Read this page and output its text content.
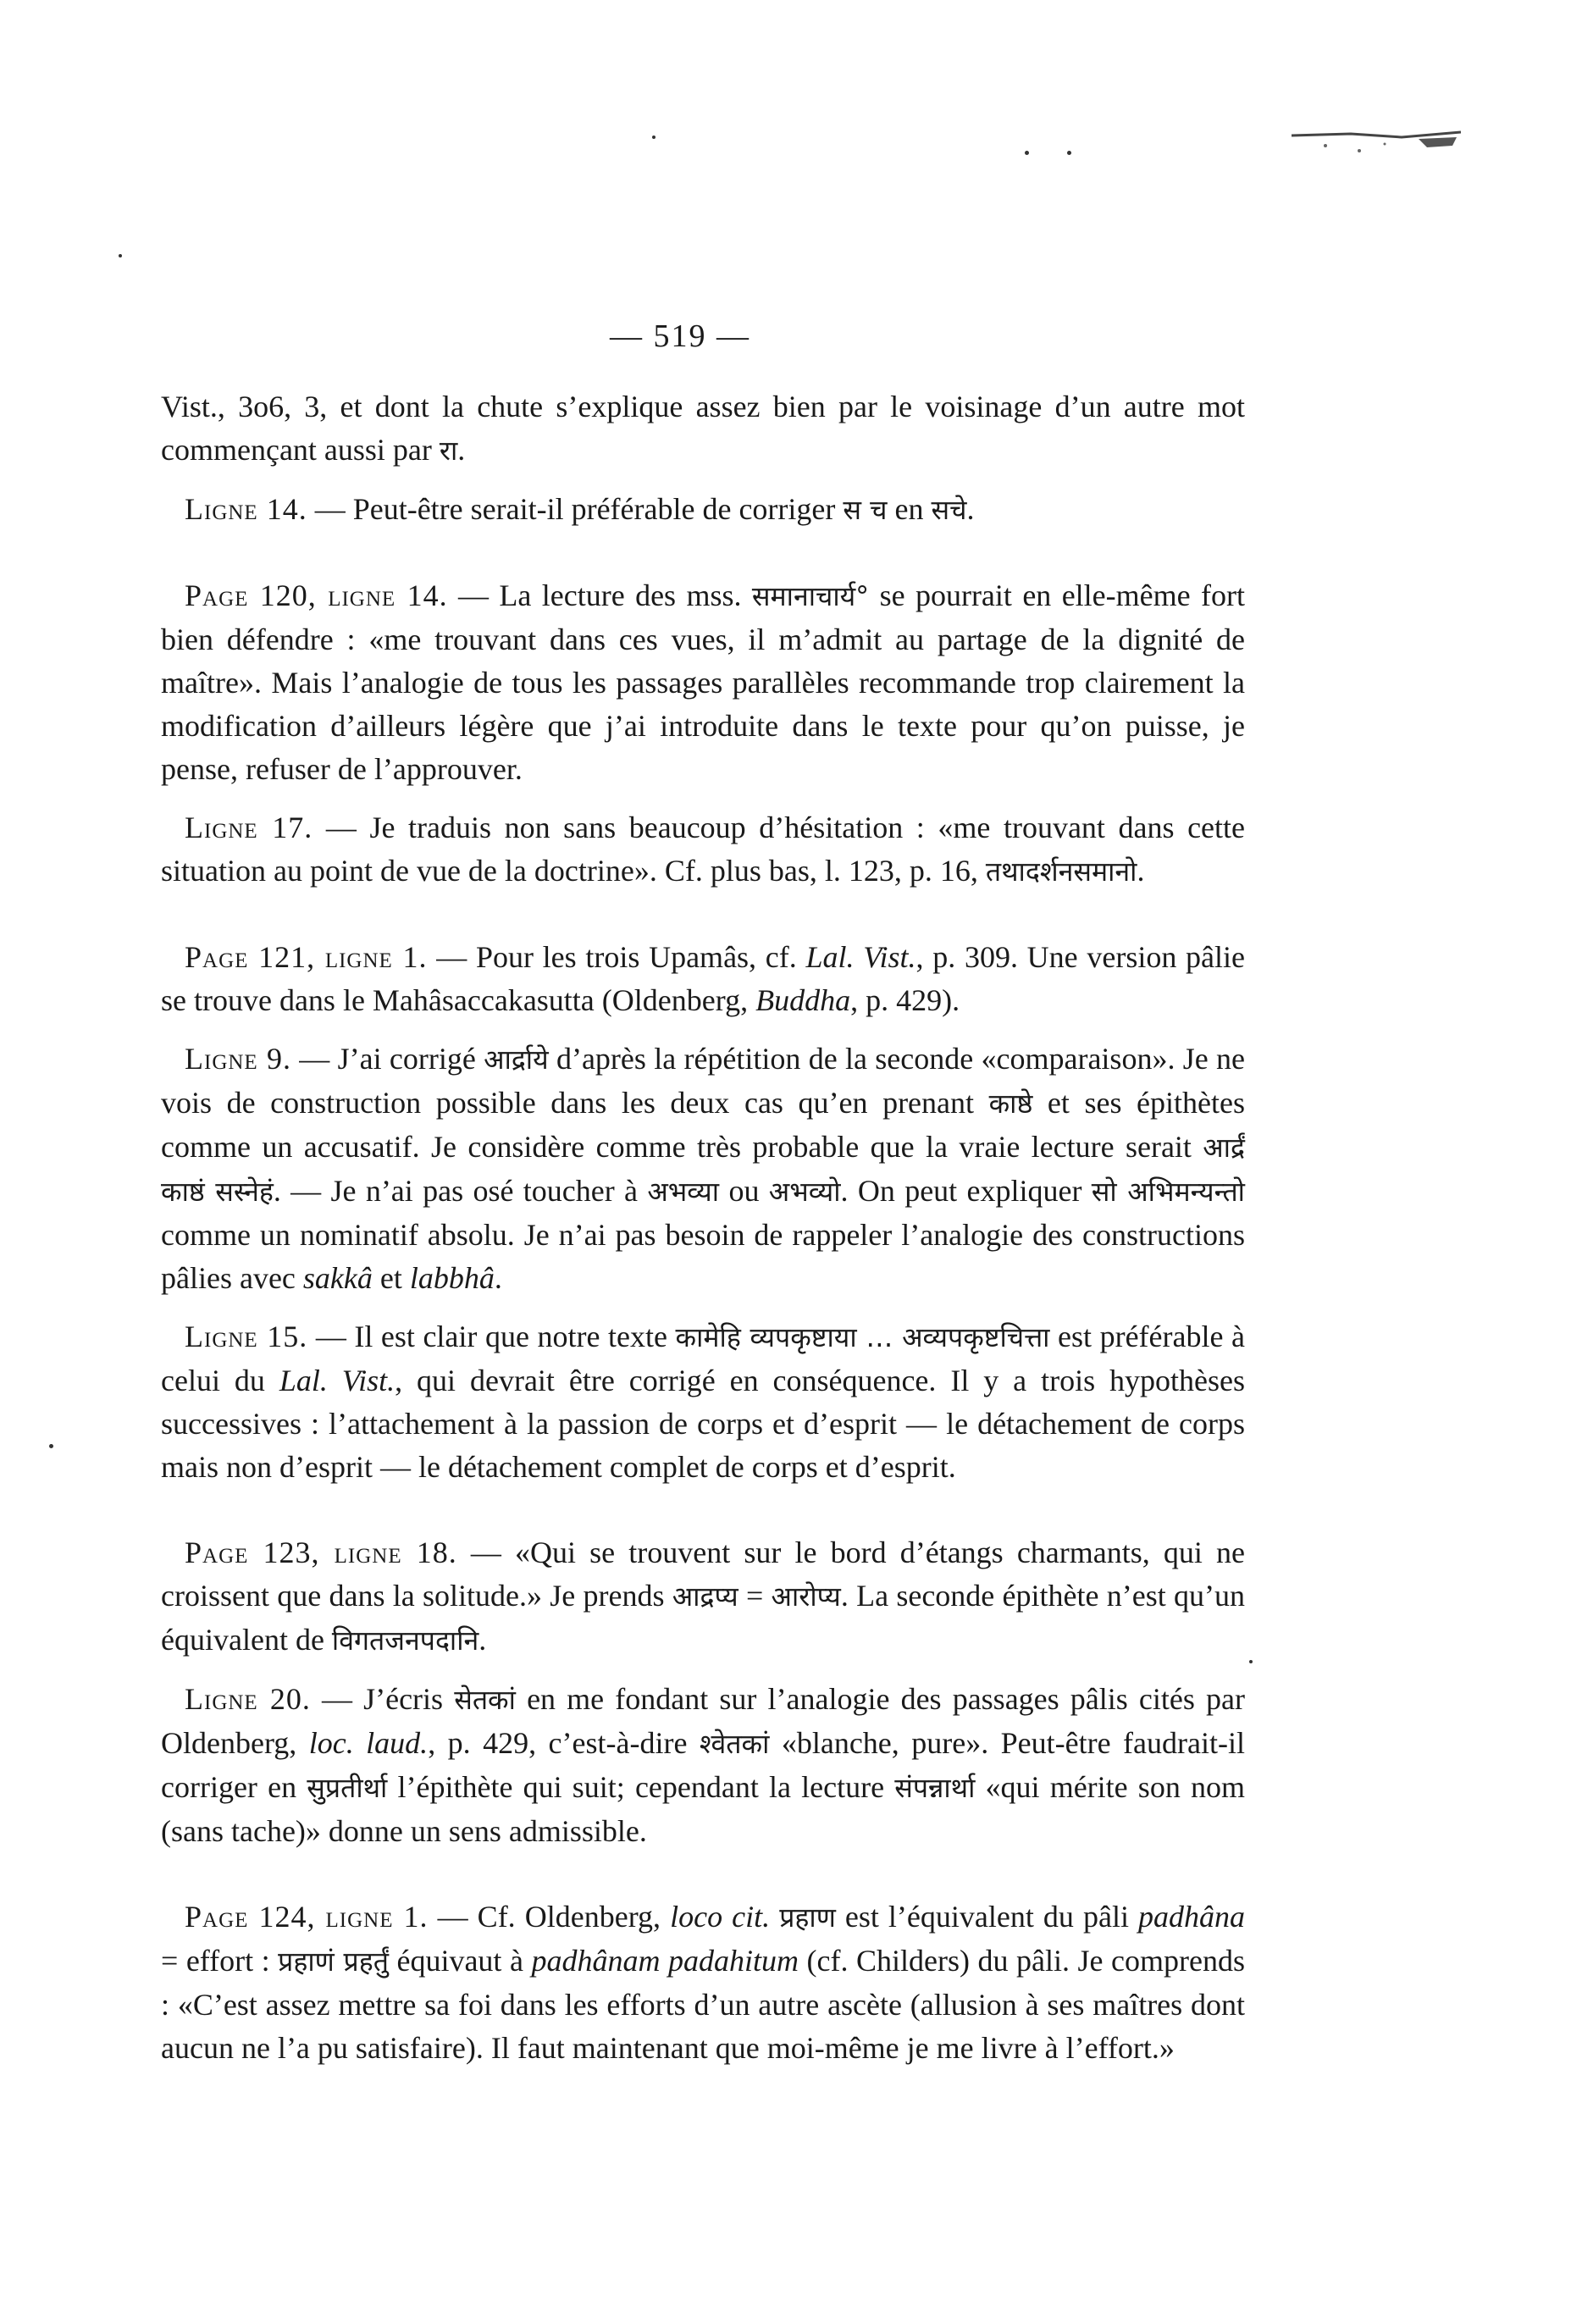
— 519 —

Vist., 3o6, 3, et dont la chute s’explique assez bien par le voisinage d’un autre mot commençant aussi par रा.

Ligne 14. — Peut-être serait-il préférable de corriger स च en सचे.

Page 120, ligne 14. — La lecture des mss. समानाचार्य° se pourrait en elle-même fort bien défendre : «me trouvant dans ces vues, il m’admit au partage de la dignité de maître». Mais l’analogie de tous les passages parallèles recommande trop clairement la modification d’ailleurs légère que j’ai introduite dans le texte pour qu’on puisse, je pense, refuser de l’approuver.

Ligne 17. — Je traduis non sans beaucoup d’hésitation : «me trouvant dans cette situation au point de vue de la doctrine». Cf. plus bas, l. 123, p. 16, तथादर्शनसमानो.

Page 121, ligne 1. — Pour les trois Upamâs, cf. Lal. Vist., p. 309. Une version pâlie se trouve dans le Mahâsaccakasutta (Oldenberg, Buddha, p. 429).

Ligne 9. — J’ai corrigé आर्द्राये d’après la répétition de la seconde «comparaison». Je ne vois de construction possible dans les deux cas qu’en prenant काष्ठे et ses épithètes comme un accusatif. Je considère comme très probable que la vraie lecture serait आर्द्रं काष्ठं सस्नेहं. — Je n’ai pas osé toucher à अभव्या ou अभव्यो. On peut expliquer सो अभिमन्यन्तो comme un nominatif absolu. Je n’ai pas besoin de rappeler l’analogie des constructions pâlies avec sakkâ et labbhâ.

Ligne 15. — Il est clair que notre texte कामेहि व्यपकृष्टाया … अव्यपकृष्टचित्ता est préférable à celui du Lal. Vist., qui devrait être corrigé en conséquence. Il y a trois hypothèses successives : l’attachement à la passion de corps et d’esprit — le détachement de corps mais non d’esprit — le détachement complet de corps et d’esprit.

Page 123, ligne 18. — «Qui se trouvent sur le bord d’étangs charmants, qui ne croissent que dans la solitude.» Je prends आद्रप्य = आरोप्य. La seconde épithète n’est qu’un équivalent de विगतजनपदानि.

Ligne 20. — J’écris सेतकां en me fondant sur l’analogie des passages pâlis cités par Oldenberg, loc. laud., p. 429, c’est-à-dire श्वेतकां «blanche, pure». Peut-être faudrait-il corriger en सुप्रतीर्था l’épithète qui suit; cependant la lecture संपन्नार्था «qui mérite son nom (sans tache)» donne un sens admissible.

Page 124, ligne 1. — Cf. Oldenberg, loco cit. प्रहाण est l’équivalent du pâli padhâna = effort : प्रहाणं प्रहर्तुं équivaut à padhânam padahitum (cf. Childers) du pâli. Je comprends : «C’est assez mettre sa foi dans les efforts d’un autre ascète (allusion à ses maîtres dont aucun ne l’a pu satisfaire). Il faut maintenant que moi-même je me livre à l’effort.»
